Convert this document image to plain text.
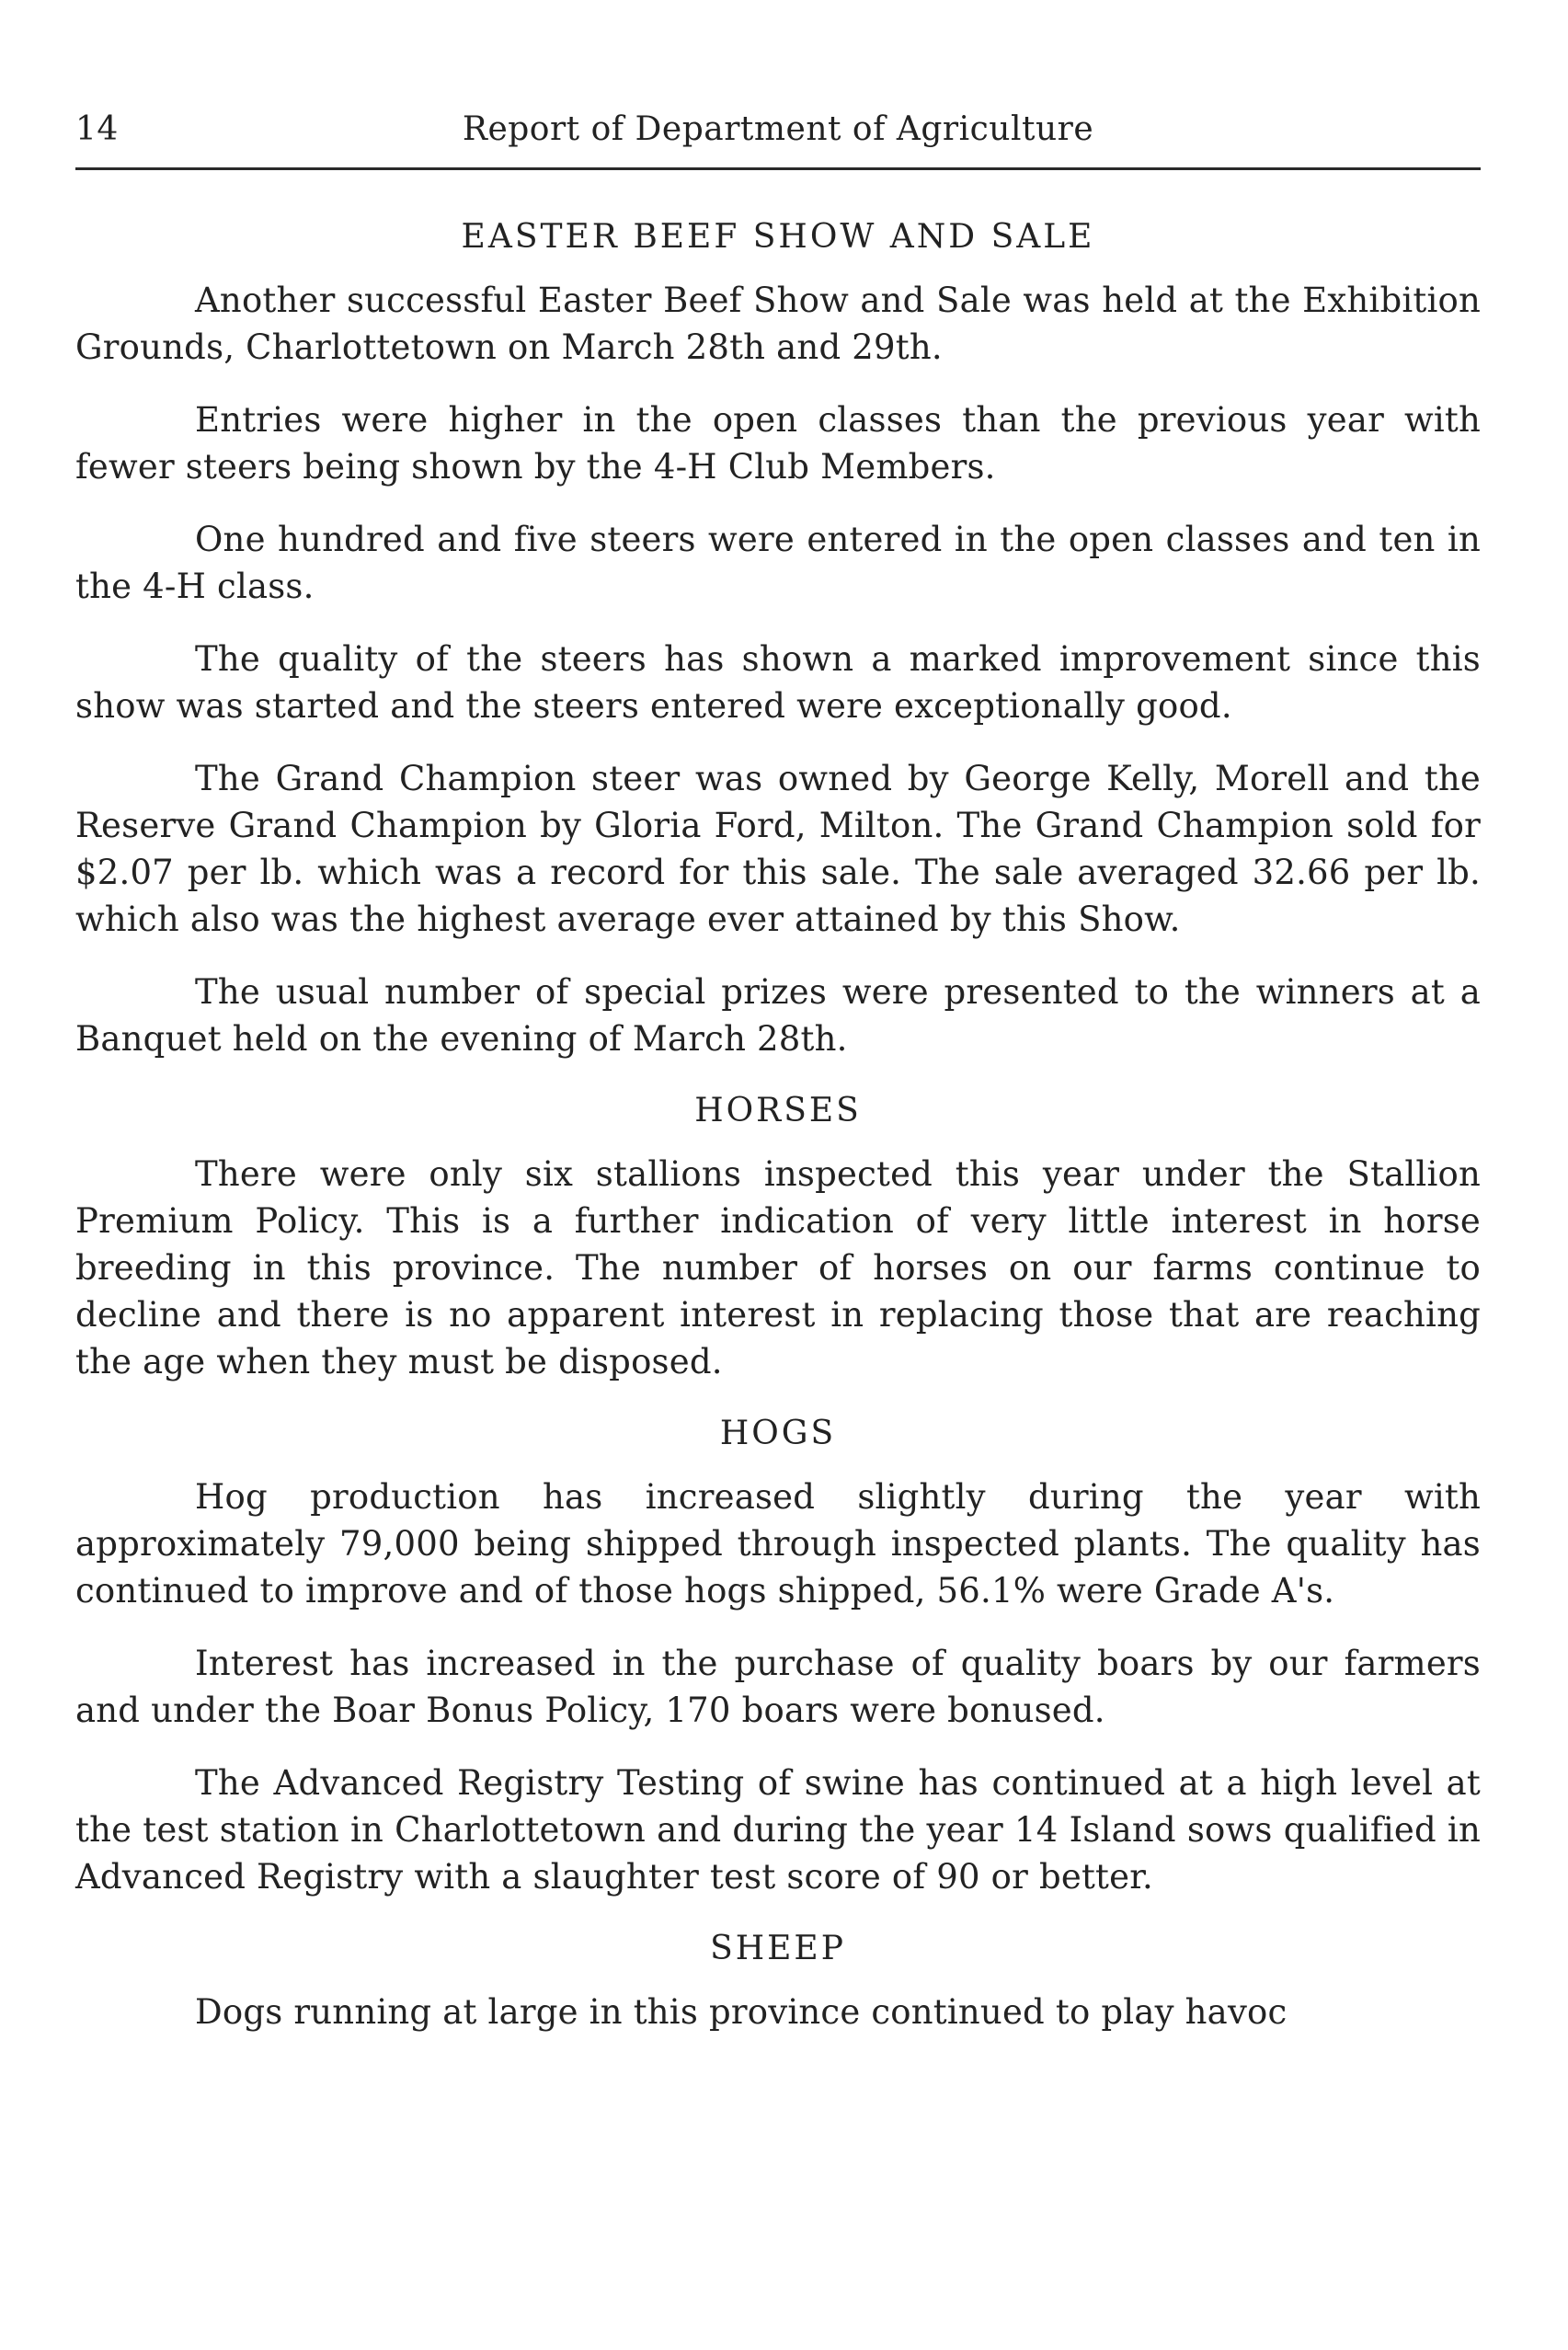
14	Report of Department of Agriculture
EASTER BEEF SHOW AND SALE

Another successful Easter Beef Show and Sale was held at the Exhibition Grounds, Charlottetown on March 28th and 29th.

Entries were higher in the open classes than the previous year with fewer steers being shown by the 4-H Club Members.

One hundred and five steers were entered in the open classes and ten in the 4-H class.

The quality of the steers has shown a marked improvement since this show was started and the steers entered were exceptionally good.

The Grand Champion steer was owned by George Kelly, Morell and the Reserve Grand Champion by Gloria Ford, Milton. The Grand Champion sold for $2.07 per lb. which was a record for this sale. The sale averaged 32.66 per lb. which also was the highest average ever attained by this Show.

The usual number of special prizes were presented to the winners at a Banquet held on the evening of March 28th.

HORSES

There were only six stallions inspected this year under the Stallion Premium Policy. This is a further indication of very little interest in horse breeding in this province. The number of horses on our farms continue to decline and there is no apparent interest in replacing those that are reaching the age when they must be disposed.

HOGS

Hog production has increased slightly during the year with approximately 79,000 being shipped through inspected plants. The quality has continued to improve and of those hogs shipped, 56.1% were Grade A's.

Interest has increased in the purchase of quality boars by our farmers and under the Boar Bonus Policy, 170 boars were bonused.

The Advanced Registry Testing of swine has continued at a high level at the test station in Charlottetown and during the year 14 Island sows qualified in Advanced Registry with a slaughter test score of 90 or better.

SHEEP

Dogs running at large in this province continued to play havoc
